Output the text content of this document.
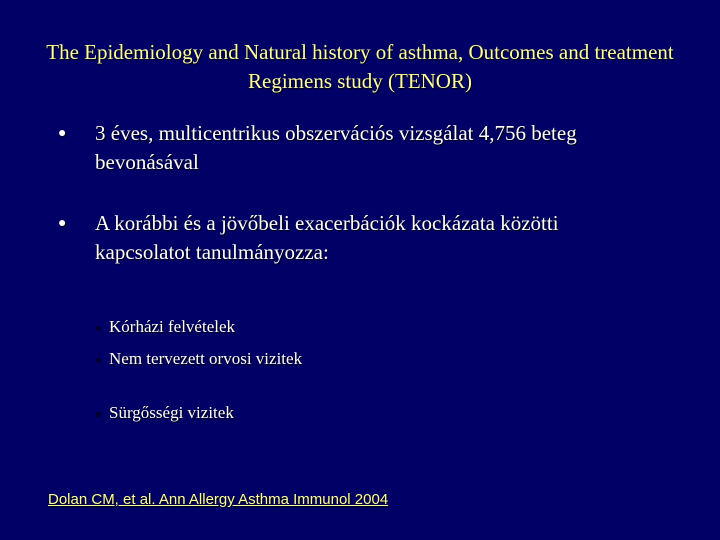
The Epidemiology and Natural history of asthma, Outcomes and treatment Regimens study (TENOR)
● 3 éves, multicentrikus obszervációs vizsgálat 4,756 beteg bevonásával
● A korábbi és a jövőbeli exacerbációk kockázata közötti kapcsolatot tanulmányozza:
Kórházi felvételek
Nem tervezett orvosi vizitek
Sürgősségi vizitek
Dolan CM, et al. Ann Allergy Asthma Immunol 2004
